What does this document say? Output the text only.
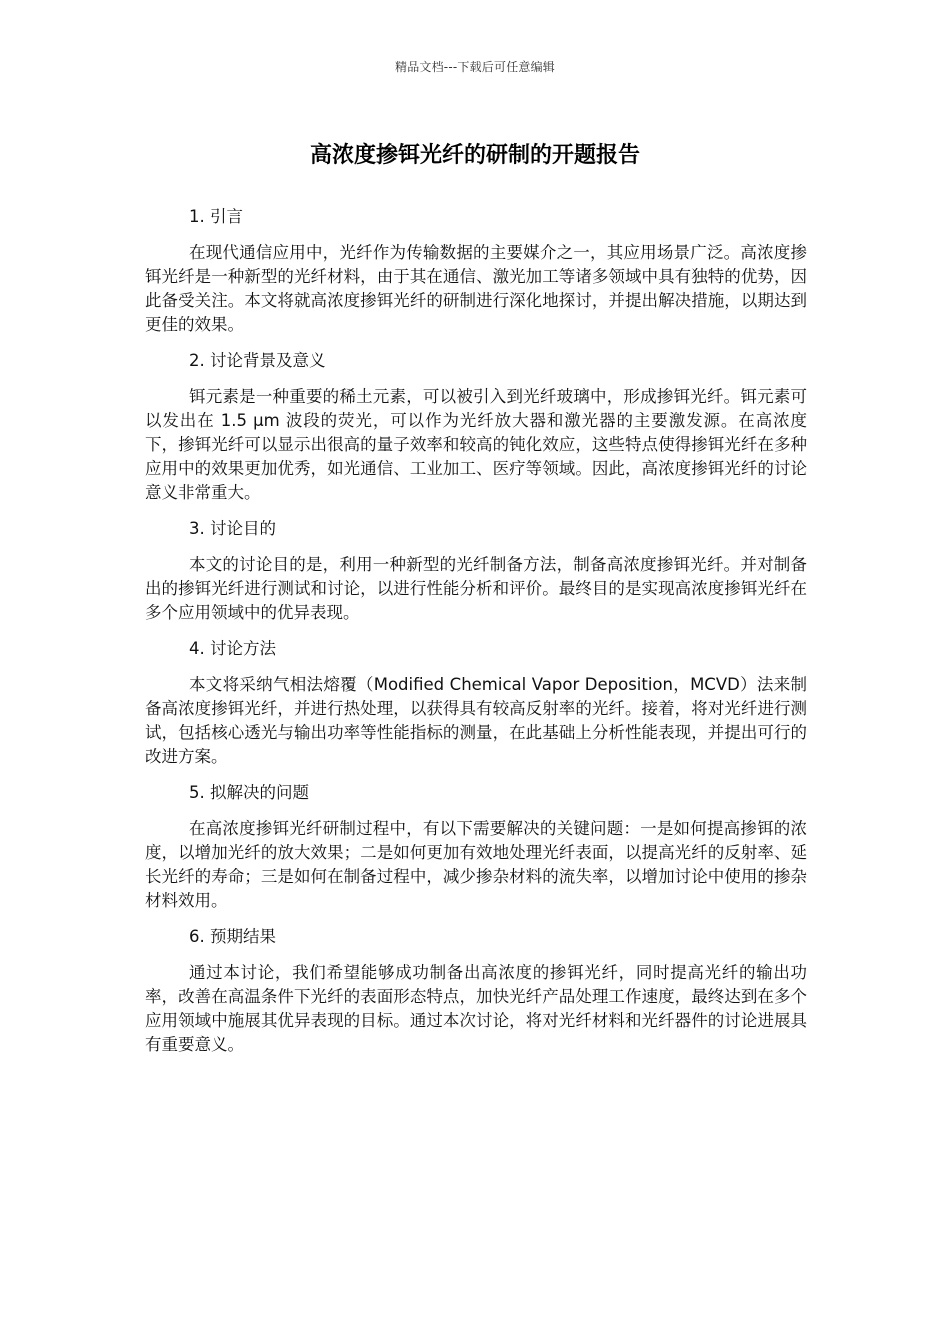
精品文档---下载后可任意编辑
高浓度掺铒光纤的研制的开题报告

1. 引言

在现代通信应用中，光纤作为传输数据的主要媒介之一，其应用场景广泛。高浓度掺铒光纤是一种新型的光纤材料，由于其在通信、激光加工等诸多领域中具有独特的优势，因此备受关注。本文将就高浓度掺铒光纤的研制进行深化地探讨，并提出解决措施，以期达到更佳的效果。

2. 讨论背景及意义

铒元素是一种重要的稀土元素，可以被引入到光纤玻璃中，形成掺铒光纤。铒元素可以发出在 1.5 μm 波段的荧光，可以作为光纤放大器和激光器的主要激发源。在高浓度下，掺铒光纤可以显示出很高的量子效率和较高的钝化效应，这些特点使得掺铒光纤在多种应用中的效果更加优秀，如光通信、工业加工、医疗等领域。因此，高浓度掺铒光纤的讨论意义非常重大。

3. 讨论目的

本文的讨论目的是，利用一种新型的光纤制备方法，制备高浓度掺铒光纤。并对制备出的掺铒光纤进行测试和讨论，以进行性能分析和评价。最终目的是实现高浓度掺铒光纤在多个应用领域中的优异表现。

4. 讨论方法

本文将采纳气相法熔覆（Modified Chemical Vapor Deposition，MCVD）法来制备高浓度掺铒光纤，并进行热处理，以获得具有较高反射率的光纤。接着，将对光纤进行测试，包括核心透光与输出功率等性能指标的测量，在此基础上分析性能表现，并提出可行的改进方案。

5. 拟解决的问题

在高浓度掺铒光纤研制过程中，有以下需要解决的关键问题：一是如何提高掺铒的浓度，以增加光纤的放大效果；二是如何更加有效地处理光纤表面，以提高光纤的反射率、延长光纤的寿命；三是如何在制备过程中，减少掺杂材料的流失率，以增加讨论中使用的掺杂材料效用。

6. 预期结果

通过本讨论，我们希望能够成功制备出高浓度的掺铒光纤，同时提高光纤的输出功率，改善在高温条件下光纤的表面形态特点，加快光纤产品处理工作速度，最终达到在多个应用领域中施展其优异表现的目标。通过本次讨论，将对光纤材料和光纤器件的讨论进展具有重要意义。
